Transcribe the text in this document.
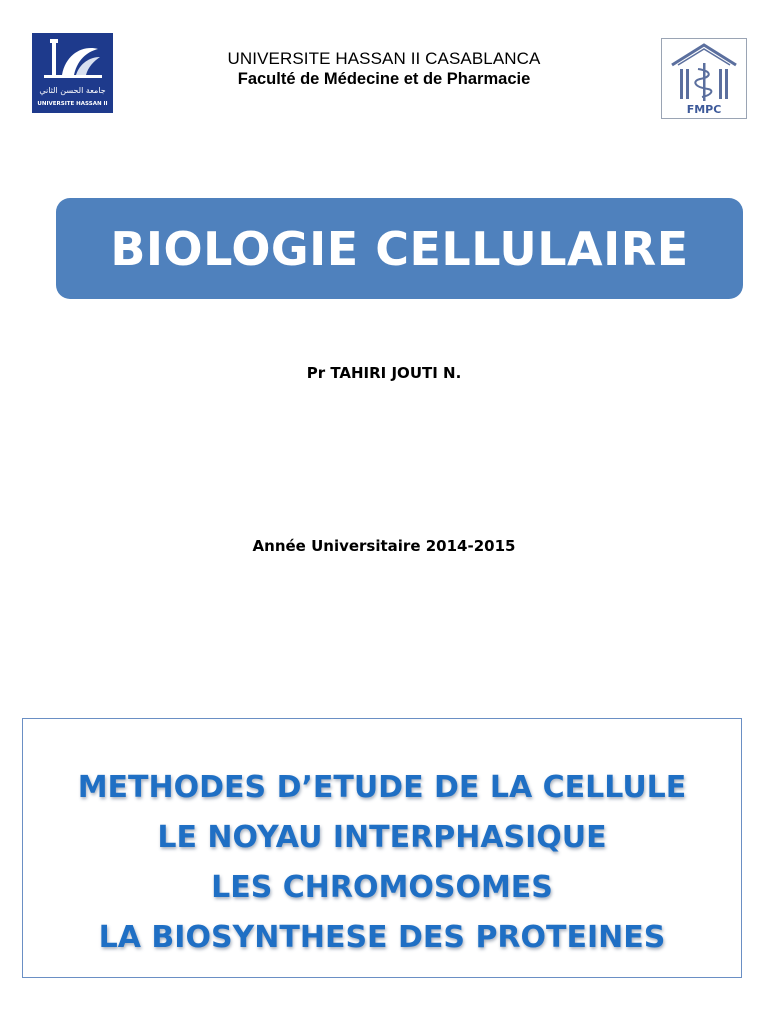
جامعة الحسن الثاني
UNIVERSITE HASSAN II
UNIVERSITE HASSAN II CASABLANCA
Faculté de Médecine et de Pharmacie
FMPC
BIOLOGIE CELLULAIRE
Pr TAHIRI JOUTI N.
Année Universitaire 2014-2015
METHODES D’ETUDE DE LA CELLULE
LE NOYAU INTERPHASIQUE
LES CHROMOSOMES
LA BIOSYNTHESE DES PROTEINES
